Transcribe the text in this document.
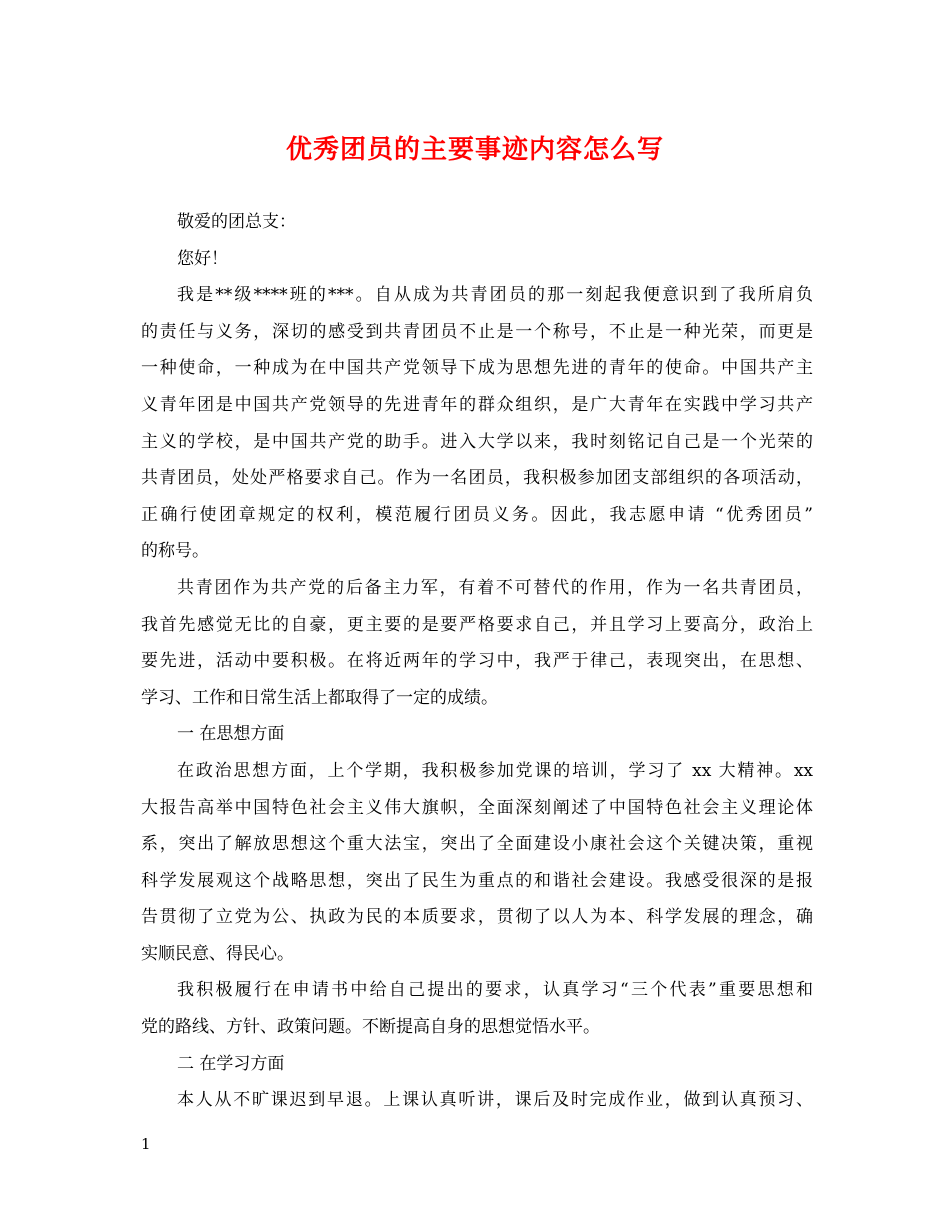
优秀团员的主要事迹内容怎么写
敬爱的团总支：
您好！
我是**级****班的***。自从成为共青团员的那一刻起我便意识到了我所肩负
的责任与义务，深切的感受到共青团员不止是一个称号，不止是一种光荣，而更是
一种使命，一种成为在中国共产党领导下成为思想先进的青年的使命。中国共产主
义青年团是中国共产党领导的先进青年的群众组织，是广大青年在实践中学习共产
主义的学校，是中国共产党的助手。进入大学以来，我时刻铭记自己是一个光荣的
共青团员，处处严格要求自己。作为一名团员，我积极参加团支部组织的各项活动，
正确行使团章规定的权利，模范履行团员义务。因此，我志愿申请 “优秀团员”
的称号。
共青团作为共产党的后备主力军，有着不可替代的作用，作为一名共青团员，
我首先感觉无比的自豪，更主要的是要严格要求自己，并且学习上要高分，政治上
要先进，活动中要积极。在将近两年的学习中，我严于律己，表现突出，在思想、
学习、工作和日常生活上都取得了一定的成绩。
一 在思想方面
在政治思想方面，上个学期，我积极参加党课的培训，学习了 xx 大精神。xx
大报告高举中国特色社会主义伟大旗帜，全面深刻阐述了中国特色社会主义理论体
系，突出了解放思想这个重大法宝，突出了全面建设小康社会这个关键决策，重视
科学发展观这个战略思想，突出了民生为重点的和谐社会建设。我感受很深的是报
告贯彻了立党为公、执政为民的本质要求，贯彻了以人为本、科学发展的理念，确
实顺民意、得民心。
我积极履行在申请书中给自己提出的要求，认真学习“三个代表”重要思想和
党的路线、方针、政策问题。不断提高自身的思想觉悟水平。
二 在学习方面
本人从不旷课迟到早退。上课认真听讲，课后及时完成作业，做到认真预习、
1
